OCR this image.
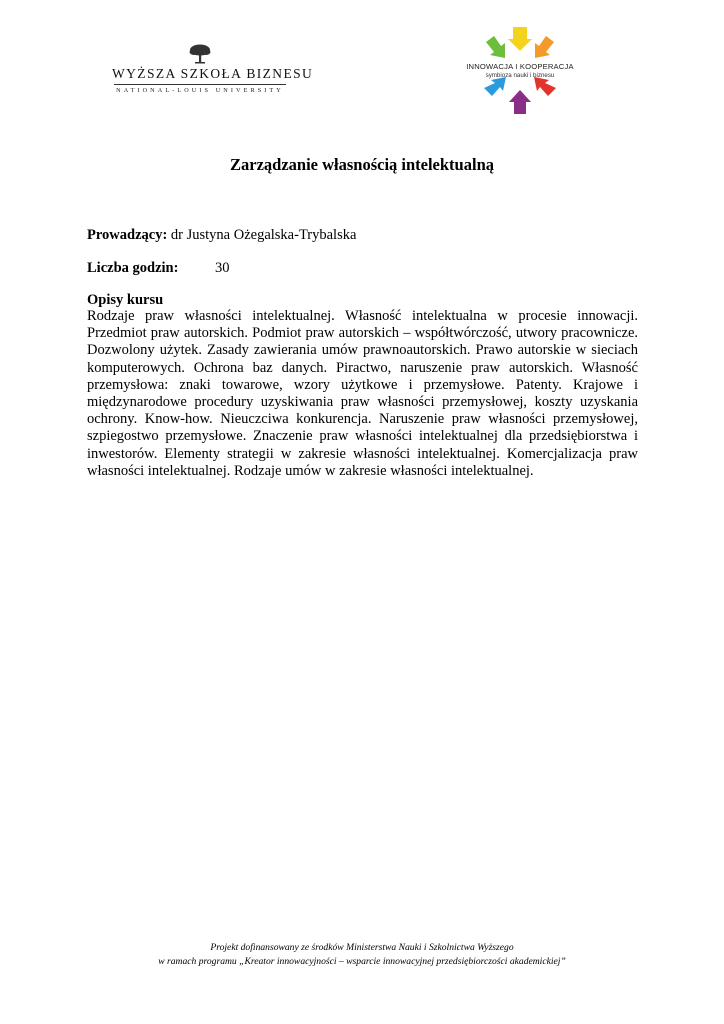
WYŻSZA SZKOŁA BIZNESU
NATIONAL-LOUIS UNIVERSITY
INNOWACJA I KOOPERACJA
symbioza nauki i biznesu
Zarządzanie własnością intelektualną
Prowadzący: dr Justyna Ożegalska-Trybalska
Liczba godzin:	30
Opisy kursu

Rodzaje praw własności intelektualnej. Własność intelektualna w procesie innowacji. Przedmiot praw autorskich. Podmiot praw autorskich – współtwórczość, utwory pracownicze. Dozwolony użytek. Zasady zawierania umów prawnoautorskich. Prawo autorskie w sieciach komputerowych. Ochrona baz danych. Piractwo, naruszenie praw autorskich. Własność przemysłowa: znaki towarowe, wzory użytkowe i przemysłowe. Patenty. Krajowe i międzynarodowe procedury uzyskiwania praw własności przemysłowej, koszty uzyskania ochrony. Know-how. Nieuczciwa konkurencja. Naruszenie praw własności przemysłowej, szpiegostwo przemysłowe. Znaczenie praw własności intelektualnej dla przedsiębiorstwa i inwestorów. Elementy strategii w zakresie własności intelektualnej. Komercjalizacja praw własności intelektualnej. Rodzaje umów w zakresie własności intelektualnej.

Projekt dofinansowany ze środków Ministerstwa Nauki i Szkolnictwa Wyższego
w ramach programu „Kreator innowacyjności – wsparcie innowacyjnej przedsiębiorczości akademickiej”
